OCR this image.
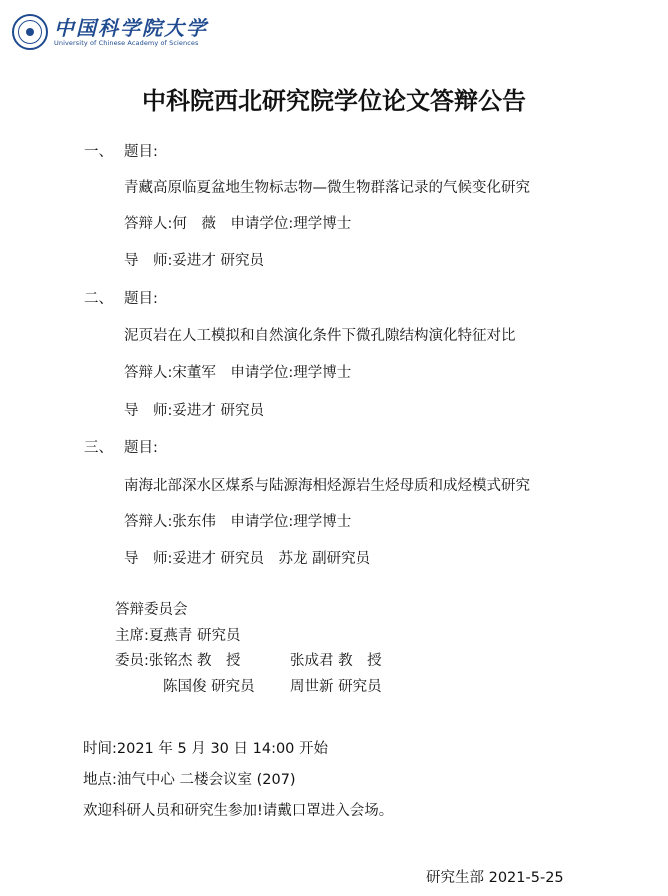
中国科学院大学
University of Chinese Academy of Sciences
中科院西北研究院学位论文答辩公告
一、 题目:
青藏高原临夏盆地生物标志物—微生物群落记录的气候变化研究
答辩人:何　薇　申请学位:理学博士
导　师:妥进才 研究员
二、 题目:
泥页岩在人工模拟和自然演化条件下微孔隙结构演化特征对比
答辩人:宋董军　申请学位:理学博士
导　师:妥进才 研究员
三、 题目:
南海北部深水区煤系与陆源海相烃源岩生烃母质和成烃模式研究
答辩人:张东伟　申请学位:理学博士
导　师:妥进才 研究员　苏龙 副研究员
答辩委员会
主席:夏燕青 研究员
委员:张铭杰 教　授	张成君 教　授
陈国俊 研究员 周世新 研究员
时间:2021 年 5 月 30 日 14:00 开始
地点:油气中心 二楼会议室 (207)
欢迎科研人员和研究生参加!请戴口罩进入会场。
研究生部 2021-5-25
